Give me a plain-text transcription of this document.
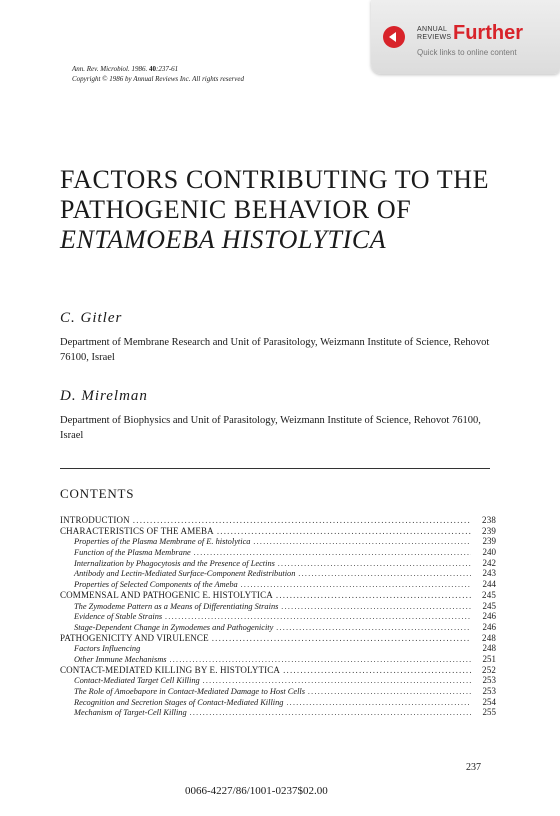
ANNUAL
REVIEWS Further
Quick links to online content
Ann. Rev. Microbiol. 1986. 40:237-61
Copyright © 1986 by Annual Reviews Inc. All rights reserved
FACTORS CONTRIBUTING TO THE
PATHOGENIC BEHAVIOR OF
ENTAMOEBA HISTOLYTICA
C. Gitler
Department of Membrane Research and Unit of Parasitology, Weizmann Institute of Science, Rehovot 76100, Israel
D. Mirelman
Department of Biophysics and Unit of Parasitology, Weizmann Institute of Science, Rehovot 76100, Israel
CONTENTS
INTRODUCTION .....	238
CHARACTERISTICS OF THE AMEBA .....	239
Properties of the Plasma Membrane of E. histolytica .....	239
Function of the Plasma Membrane .....	240
Internalization by Phagocytosis and the Presence of Lectins .....	242
Antibody and Lectin-Mediated Surface-Component Redistribution .....	243
Properties of Selected Components of the Ameba .....	244
COMMENSAL AND PATHOGENIC E. HISTOLYTICA .....	245
The Zymodeme Pattern as a Means of Differentiating Strains .....	245
Evidence of Stable Strains .....	246
Stage-Dependent Change in Zymodemes and Pathogenicity .....	246
PATHOGENICITY AND VIRULENCE .....	248
Factors Influencing	248
Other Immune Mechanisms .....	251
CONTACT-MEDIATED KILLING BY E. HISTOLYTICA .....	252
Contact-Mediated Target Cell Killing .....	253
The Role of Amoebapore in Contact-Mediated Damage to Host Cells .....	253
Recognition and Secretion Stages of Contact-Mediated Killing .....	254
Mechanism of Target-Cell Killing .....	255
237
0066-4227/86/1001-0237$02.00
